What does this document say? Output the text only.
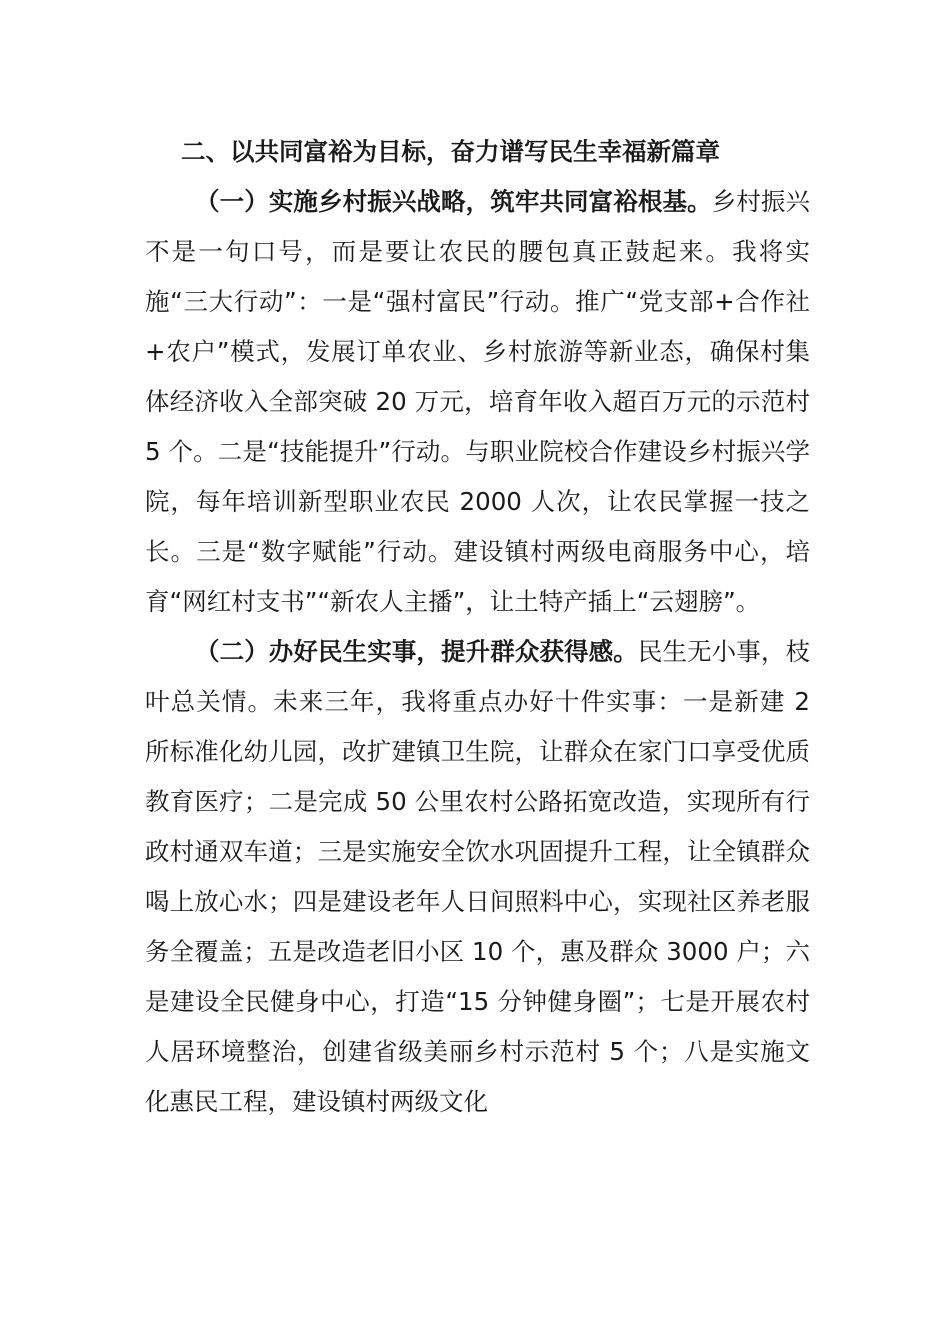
二、以共同富裕为目标，奋力谱写民生幸福新篇章

（一）实施乡村振兴战略，筑牢共同富裕根基。乡村振兴不是一句口号，而是要让农民的腰包真正鼓起来。我将实施“三大行动”：一是“强村富民”行动。推广“党支部+合作社+农户”模式，发展订单农业、乡村旅游等新业态，确保村集体经济收入全部突破 20 万元，培育年收入超百万元的示范村 5 个。二是“技能提升”行动。与职业院校合作建设乡村振兴学院，每年培训新型职业农民 2000 人次，让农民掌握一技之长。三是“数字赋能”行动。建设镇村两级电商服务中心，培育“网红村支书”“新农人主播”，让土特产插上“云翅膀”。

（二）办好民生实事，提升群众获得感。民生无小事，枝叶总关情。未来三年，我将重点办好十件实事：一是新建 2 所标准化幼儿园，改扩建镇卫生院，让群众在家门口享受优质教育医疗；二是完成 50 公里农村公路拓宽改造，实现所有行政村通双车道；三是实施安全饮水巩固提升工程，让全镇群众喝上放心水；四是建设老年人日间照料中心，实现社区养老服务全覆盖；五是改造老旧小区 10 个，惠及群众 3000 户；六是建设全民健身中心，打造“15 分钟健身圈”；七是开展农村人居环境整治，创建省级美丽乡村示范村 5 个；八是实施文化惠民工程，建设镇村两级文化
